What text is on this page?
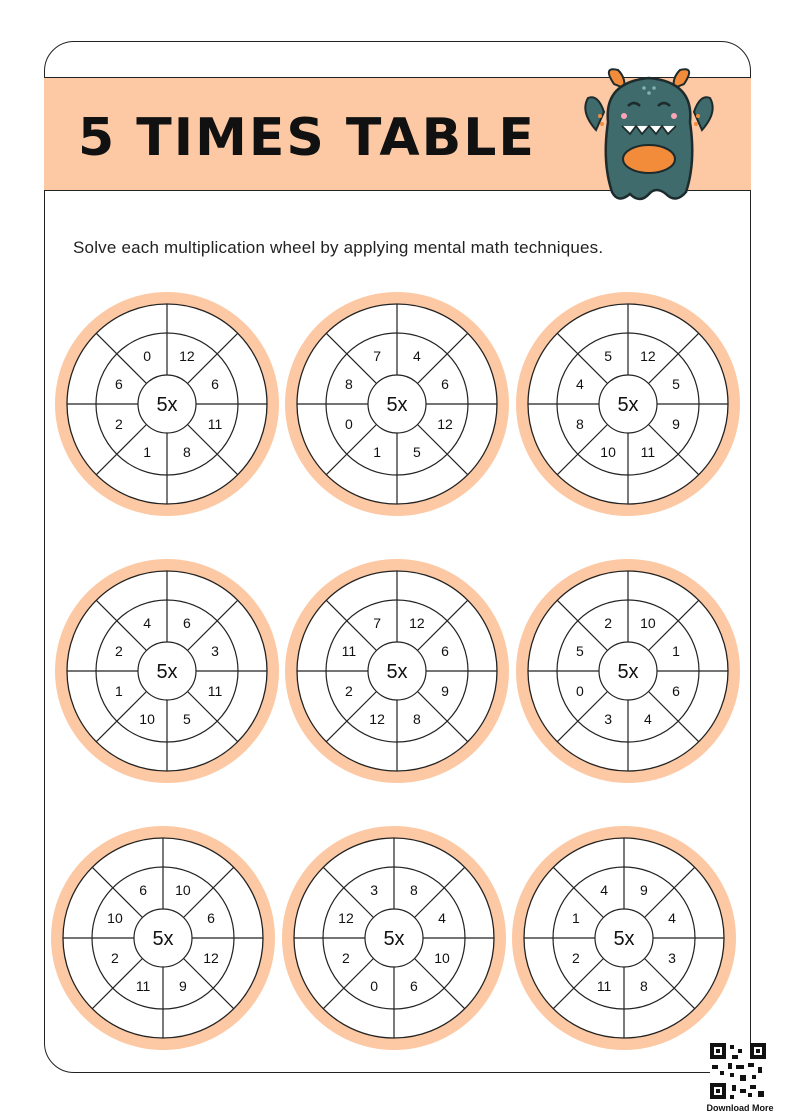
5 TIMES TABLE
Solve each multiplication wheel by applying mental math techniques.
5x
12
6
11
8
1
2
6
0
5x
4
6
12
5
1
0
8
7
5x
12
5
9
11
10
8
4
5
5x
6
3
11
5
10
1
2
4
5x
12
6
9
8
12
2
11
7
5x
10
1
6
4
3
0
5
2
5x
10
6
12
9
11
2
10
6
5x
8
4
10
6
0
2
12
3
5x
9
4
3
8
11
2
1
4
Download More
